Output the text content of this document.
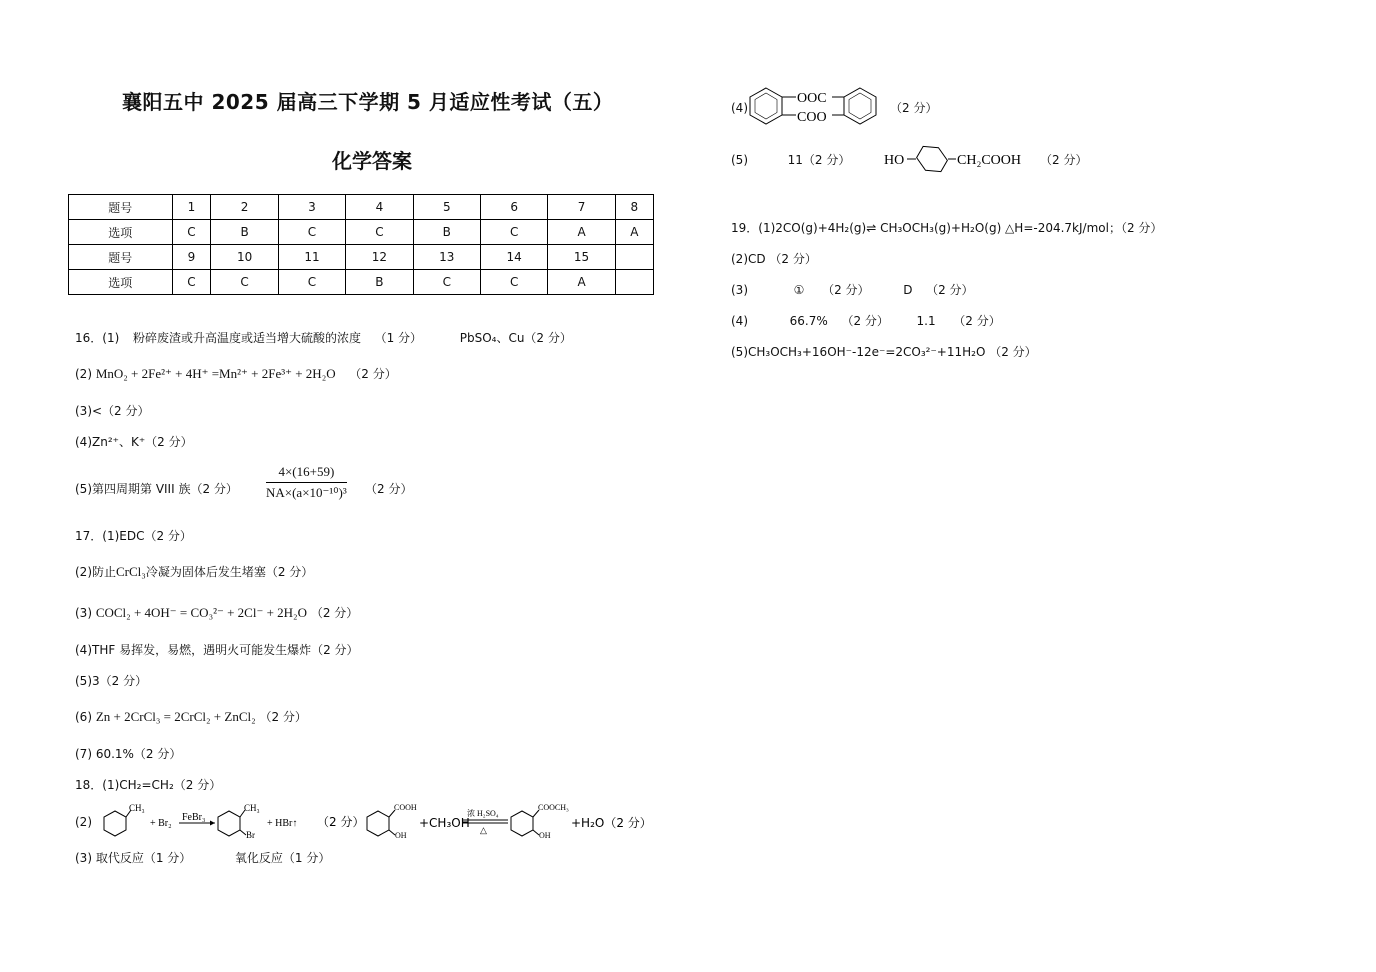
襄阳五中 2025 届高三下学期 5 月适应性考试（五）
化学答案
题号	1	2	3	4	5	6	7	8
选项	C	B	C	C	B	C	A	A
题号	9	10	11	12	13	14	15	
选项	C	C	C	B	C	C	A	
16．(1) 粉碎废渣或升高温度或适当增大硫酸的浓度 （1 分）	PbSO₄、Cu（2 分）
(2) MnO₂ + 2Fe²⁺ + 4H⁺ =Mn²⁺ + 2Fe³⁺ + 2H₂O （2 分）
(3)<（2 分）
(4)Zn²⁺、K⁺（2 分）
(5)第四周期第 VIII 族（2 分） $\frac{4\times(16+59)}{\text{NA×(a×10⁻¹⁰)³}} (2$ 分）
17．(1)EDC（2 分）
(2)防止CrCl₃冷凝为固体后发生堵塞（2 分）
(3) COCl₂ + 4OH⁻ = CO₃²⁻ + 2Cl⁻ + 2H₂O （2 分）
(4)THF 易挥发，易燃，遇明火可能发生爆炸（2 分）
(5)3（2 分）
(6) Zn + 2CrCl₃ = 2CrCl₂ + ZnCl₂ （2 分）
(7) 60.1%（2 分）
18．(1)CH₂=CH₂（2 分）
(2)
CH₃
+ Br₂
FeBr₃
CH₃
Br
+ HBr↑ （2 分）
COOH
OH
+CH₃OH
浓 H₂SO₄
△
COOCH₃
OH
+H₂O（2 分）
(3) 取代反应（1 分）	氧化反应（1 分）
(4)
OOC
COO
（2 分）
(5)	11（2 分） HO	CH₂COOH （2 分）
19．(1)2CO(g)+4H₂(g)⇌ CH₃OCH₃(g)+H₂O(g) △H=-204.7kJ/mol；（2 分）
(2)CD （2 分）
(3)	① （2 分）	D （2 分）
(4)	66.7% （2 分） 1.1 （2 分）
(5)CH₃OCH₃+16OH⁻-12e⁻=2CO₃²⁻+11H₂O （2 分）
